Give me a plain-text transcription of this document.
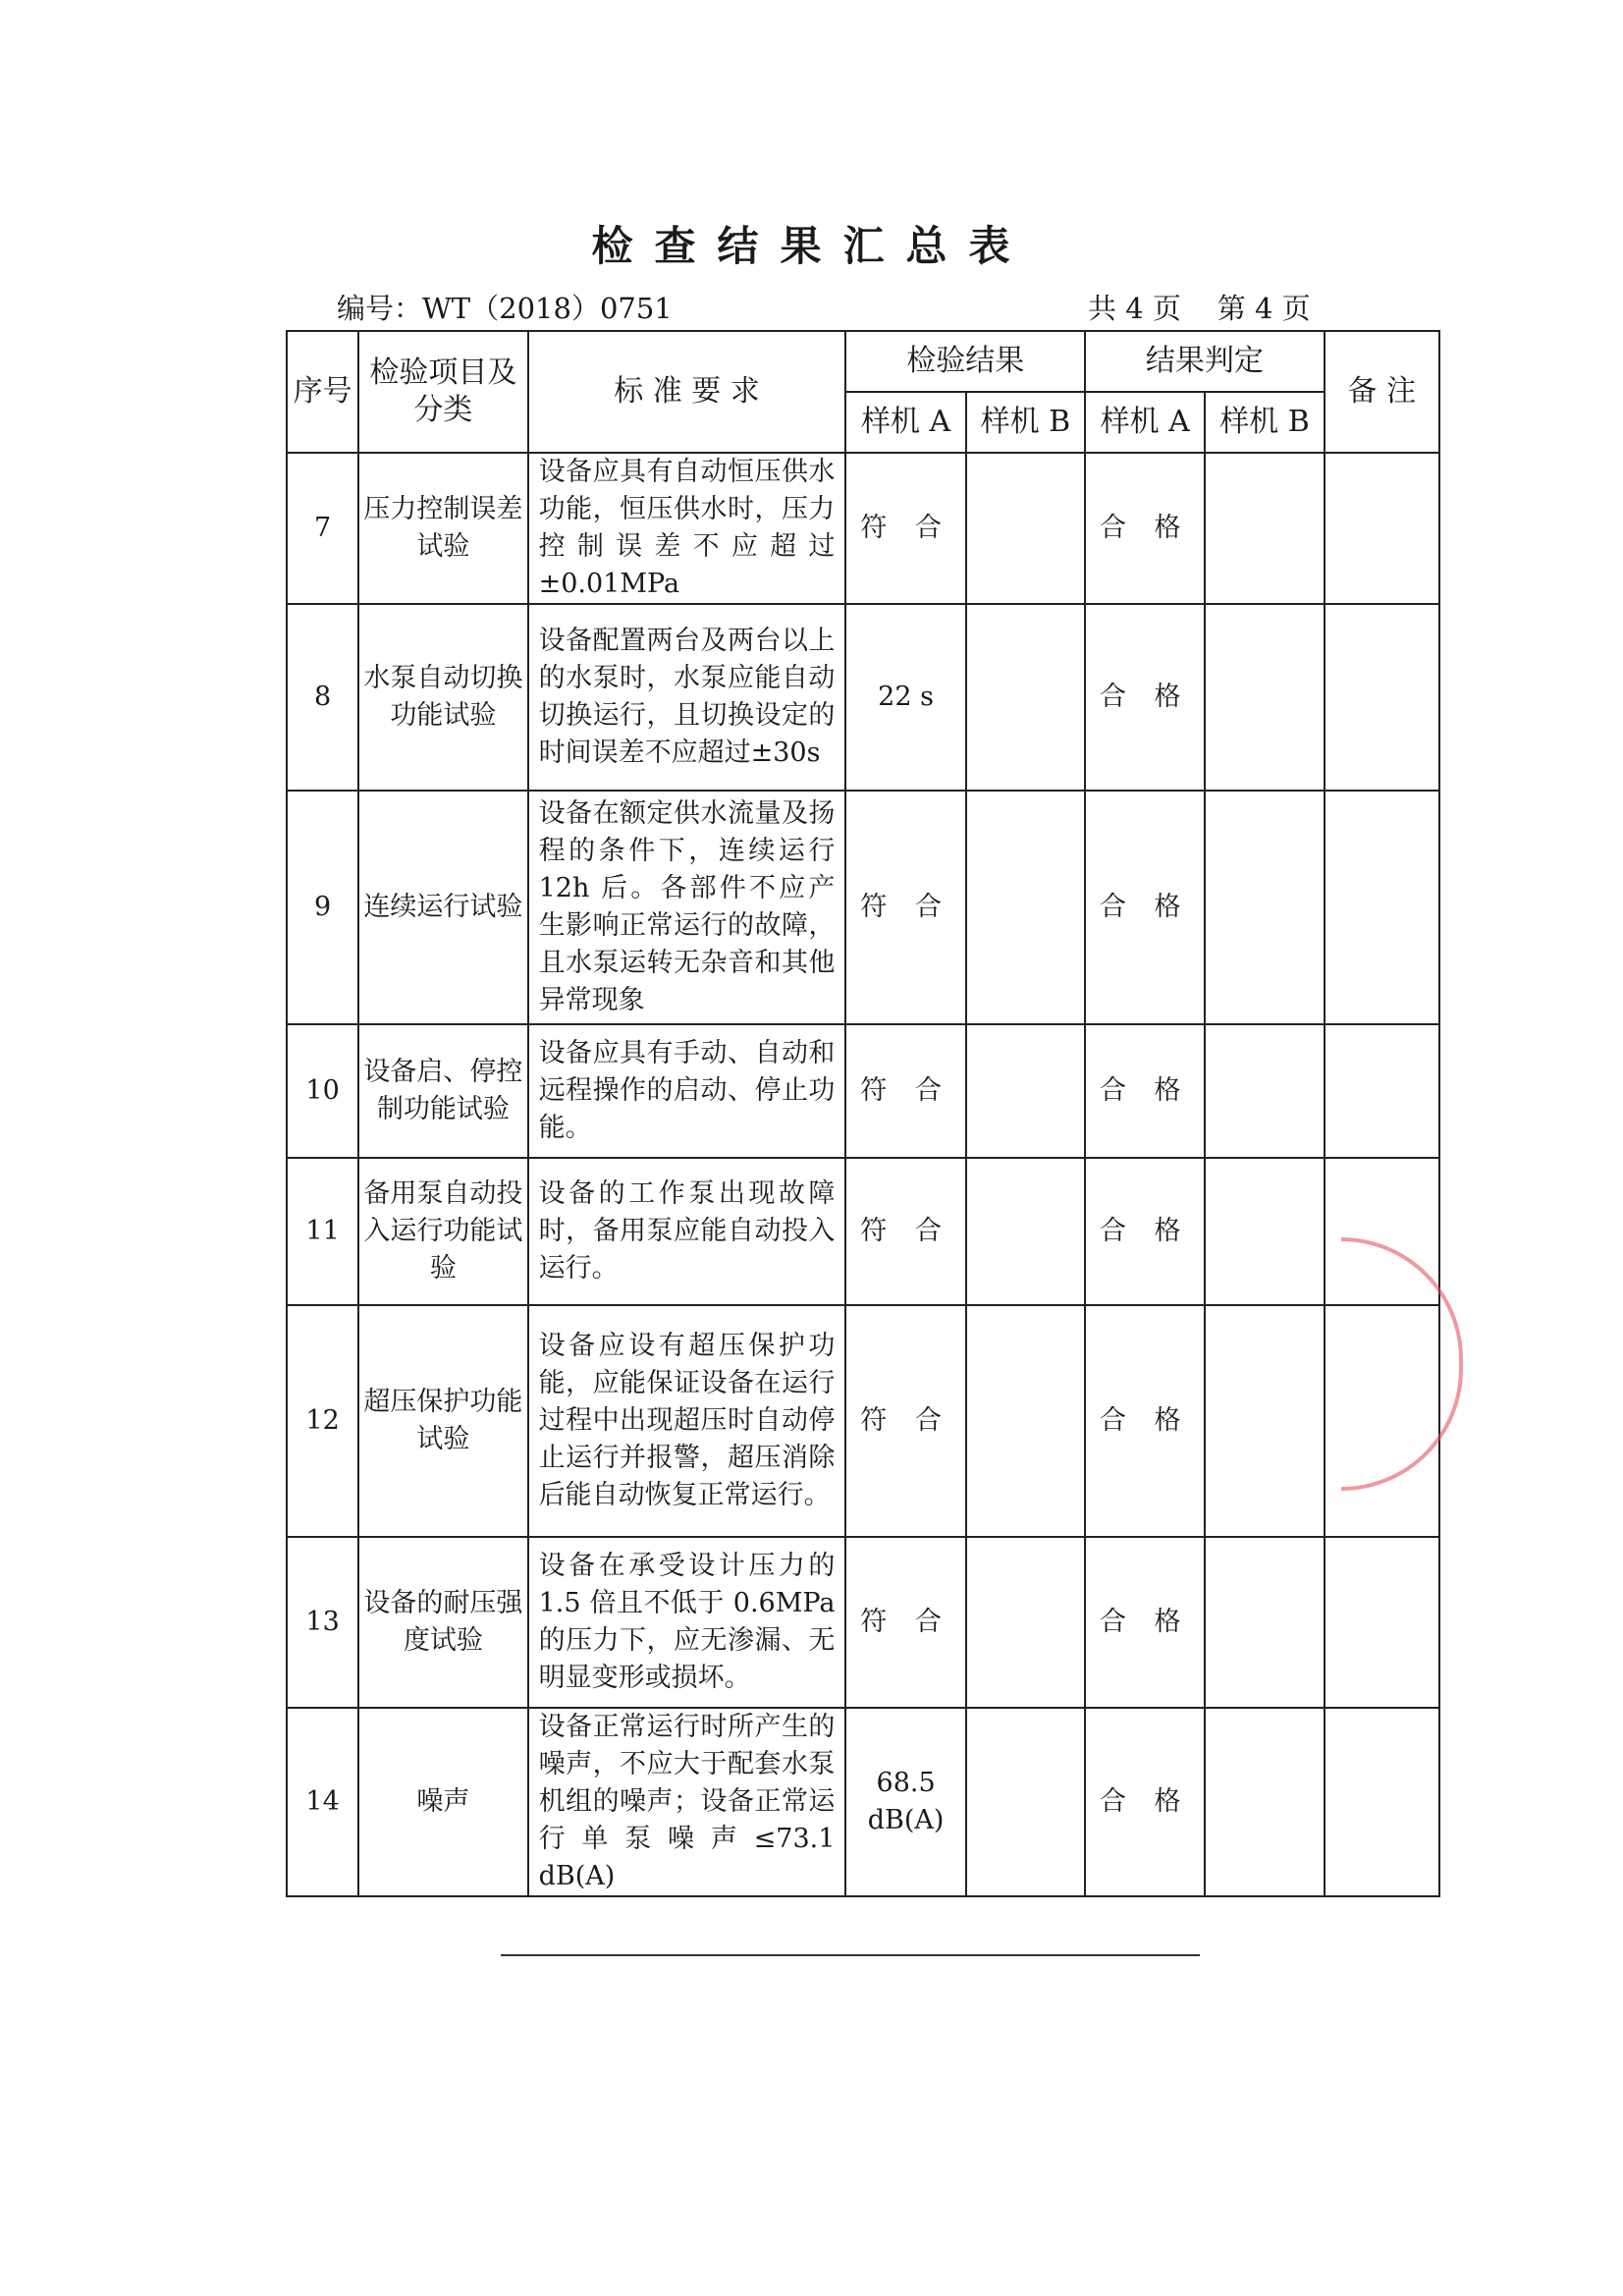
检查结果汇总表
编号：WT（2018）0751	共 4 页    第 4 页
序号	检验项目及分类	标 准 要 求	检验结果		结果判定		备 注
			样机 A	样机 B	样机 A	样机 B	
7	压力控制误差试验	设备应具有自动恒压供水功能，恒压供水时，压力控制误差不应超过±0.01MPa	符 合		合 格		
8	水泵自动切换功能试验	设备配置两台及两台以上的水泵时，水泵应能自动切换运行，且切换设定的时间误差不应超过±30s	22 s		合 格		
9	连续运行试验	设备在额定供水流量及扬程的条件下，连续运行 12h 后。各部件不应产生影响正常运行的故障，且水泵运转无杂音和其他异常现象	符 合		合 格		
10	设备启、停控制功能试验	设备应具有手动、自动和远程操作的启动、停止功能。	符 合		合 格		
11	备用泵自动投入运行功能试验	设备的工作泵出现故障时，备用泵应能自动投入运行。	符 合		合 格		
12	超压保护功能试验	设备应设有超压保护功能，应能保证设备在运行过程中出现超压时自动停止运行并报警，超压消除后能自动恢复正常运行。	符 合		合 格		
13	设备的耐压强度试验	设备在承受设计压力的 1.5 倍且不低于 0.6MPa 的压力下，应无渗漏、无明显变形或损坏。	符 合		合 格		
14	噪声	设备正常运行时所产生的噪声，不应大于配套水泵机组的噪声；设备正常运行单泵噪声≤73.1 dB(A)	68.5 dB(A)		合 格		
